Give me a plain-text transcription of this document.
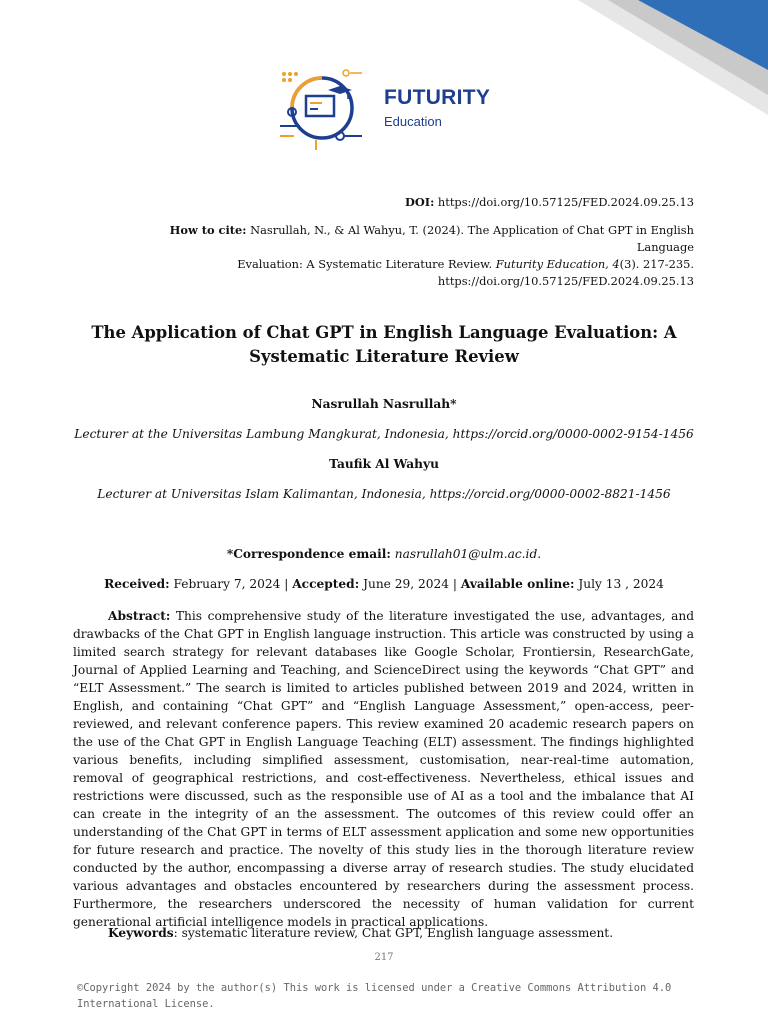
FUTURITY
Education
DOI: https://doi.org/10.57125/FED.2024.09.25.13
How to cite: Nasrullah, N., & Al Wahyu, T. (2024). The Application of Chat GPT in English Language
Evaluation: A Systematic Literature Review. Futurity Education, 4(3). 217-235.
https://doi.org/10.57125/FED.2024.09.25.13
The Application of Chat GPT in English Language Evaluation: A Systematic Literature Review
Nasrullah Nasrullah*
Lecturer at the Universitas Lambung Mangkurat, Indonesia, https://orcid.org/0000-0002-9154-1456
Taufik Al Wahyu
Lecturer at Universitas Islam Kalimantan, Indonesia, https://orcid.org/0000-0002-8821-1456
*Correspondence email: nasrullah01@ulm.ac.id.
Received: February 7, 2024 | Accepted: June 29, 2024 | Available online: July 13 , 2024
Abstract: This comprehensive study of the literature investigated the use, advantages, and drawbacks of the Chat GPT in English language instruction. This article was constructed by using a limited search strategy for relevant databases like Google Scholar, Frontiersin, ResearchGate, Journal of Applied Learning and Teaching, and ScienceDirect using the keywords “Chat GPT” and “ELT Assessment.” The search is limited to articles published between 2019 and 2024, written in English, and containing “Chat GPT” and “English Language Assessment,” open-access, peer-reviewed, and relevant conference papers. This review examined 20 academic research papers on the use of the Chat GPT in English Language Teaching (ELT) assessment. The findings highlighted various benefits, including simplified assessment, customisation, near-real-time automation, removal of geographical restrictions, and cost-effectiveness. Nevertheless, ethical issues and restrictions were discussed, such as the responsible use of AI as a tool and the imbalance that AI can create in the integrity of an the assessment. The outcomes of this review could offer an understanding of the Chat GPT in terms of ELT assessment application and some new opportunities for future research and practice. The novelty of this study lies in the thorough literature review conducted by the author, encompassing a diverse array of research studies. The study elucidated various advantages and obstacles encountered by researchers during the assessment process. Furthermore, the researchers underscored the necessity of human validation for current generational artificial intelligence models in practical applications.
Keywords: systematic literature review, Chat GPT, English language assessment.
217
©Copyright 2024 by the author(s) This work is licensed under a Creative Commons Attribution 4.0
International License.
